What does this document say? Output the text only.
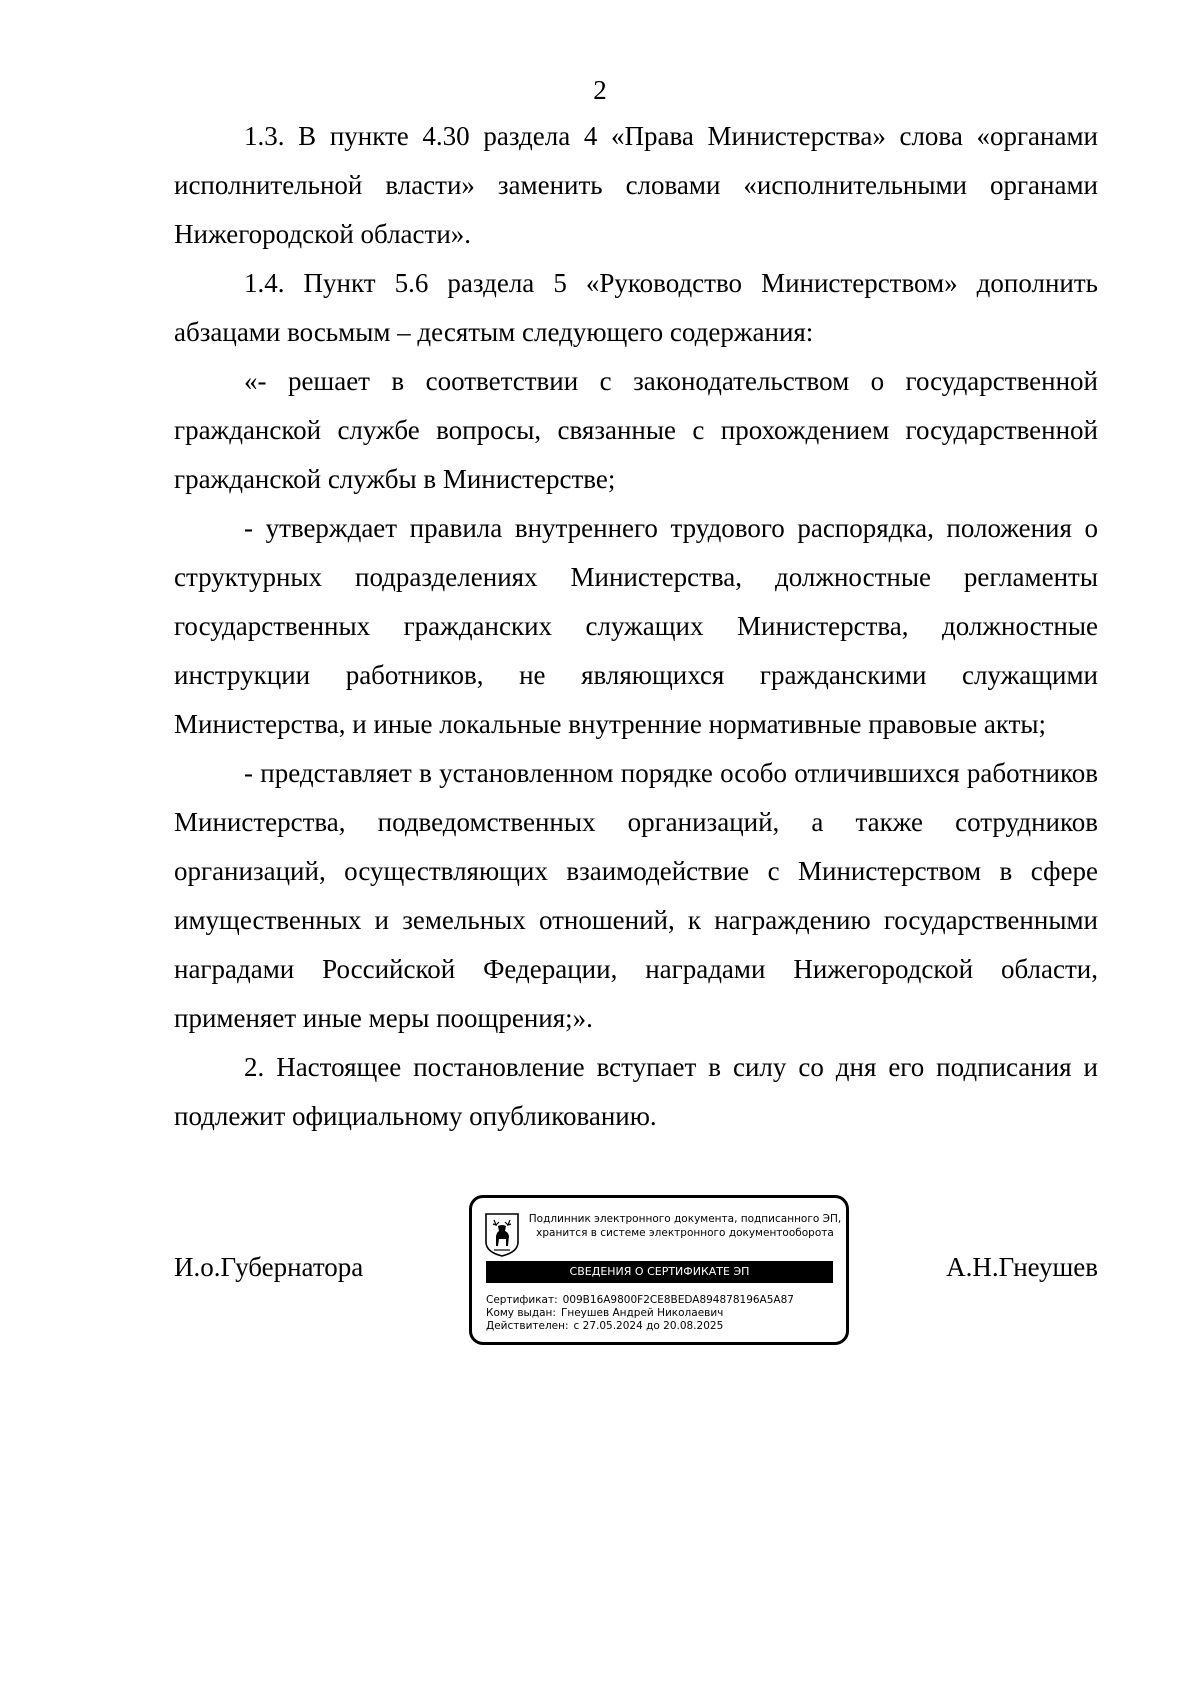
2

1.3. В пункте 4.30 раздела 4 «Права Министерства» слова «органами исполнительной власти» заменить словами «исполнительными органами Нижегородской области».

1.4. Пункт 5.6 раздела 5 «Руководство Министерством» дополнить абзацами восьмым – десятым следующего содержания:

«- решает в соответствии с законодательством о государственной гражданской службе вопросы, связанные с прохождением государственной гражданской службы в Министерстве;

- утверждает правила внутреннего трудового распорядка, положения о структурных подразделениях Министерства, должностные регламенты государственных гражданских служащих Министерства, должностные инструкции работников, не являющихся гражданскими служащими Министерства, и иные локальные внутренние нормативные правовые акты;

- представляет в установленном порядке особо отличившихся работников Министерства, подведомственных организаций, а также сотрудников организаций, осуществляющих взаимодействие с Министерством в сфере имущественных и земельных отношений, к награждению государственными наградами Российской Федерации, наградами Нижегородской области, применяет иные меры поощрения;».

2. Настоящее постановление вступает в силу со дня его подписания и подлежит официальному опубликованию.

И.о.Губернатора
Подлинник электронного документа, подписанного ЭП,
хранится в системе электронного документооборота
СВЕДЕНИЯ О СЕРТИФИКАТЕ ЭП
Сертификат: 009B16A9800F2CE8BEDA894878196A5A87
Кому выдан: Гнеушев Андрей Николаевич
Действителен: с 27.05.2024 до 20.08.2025
А.Н.Гнеушев
